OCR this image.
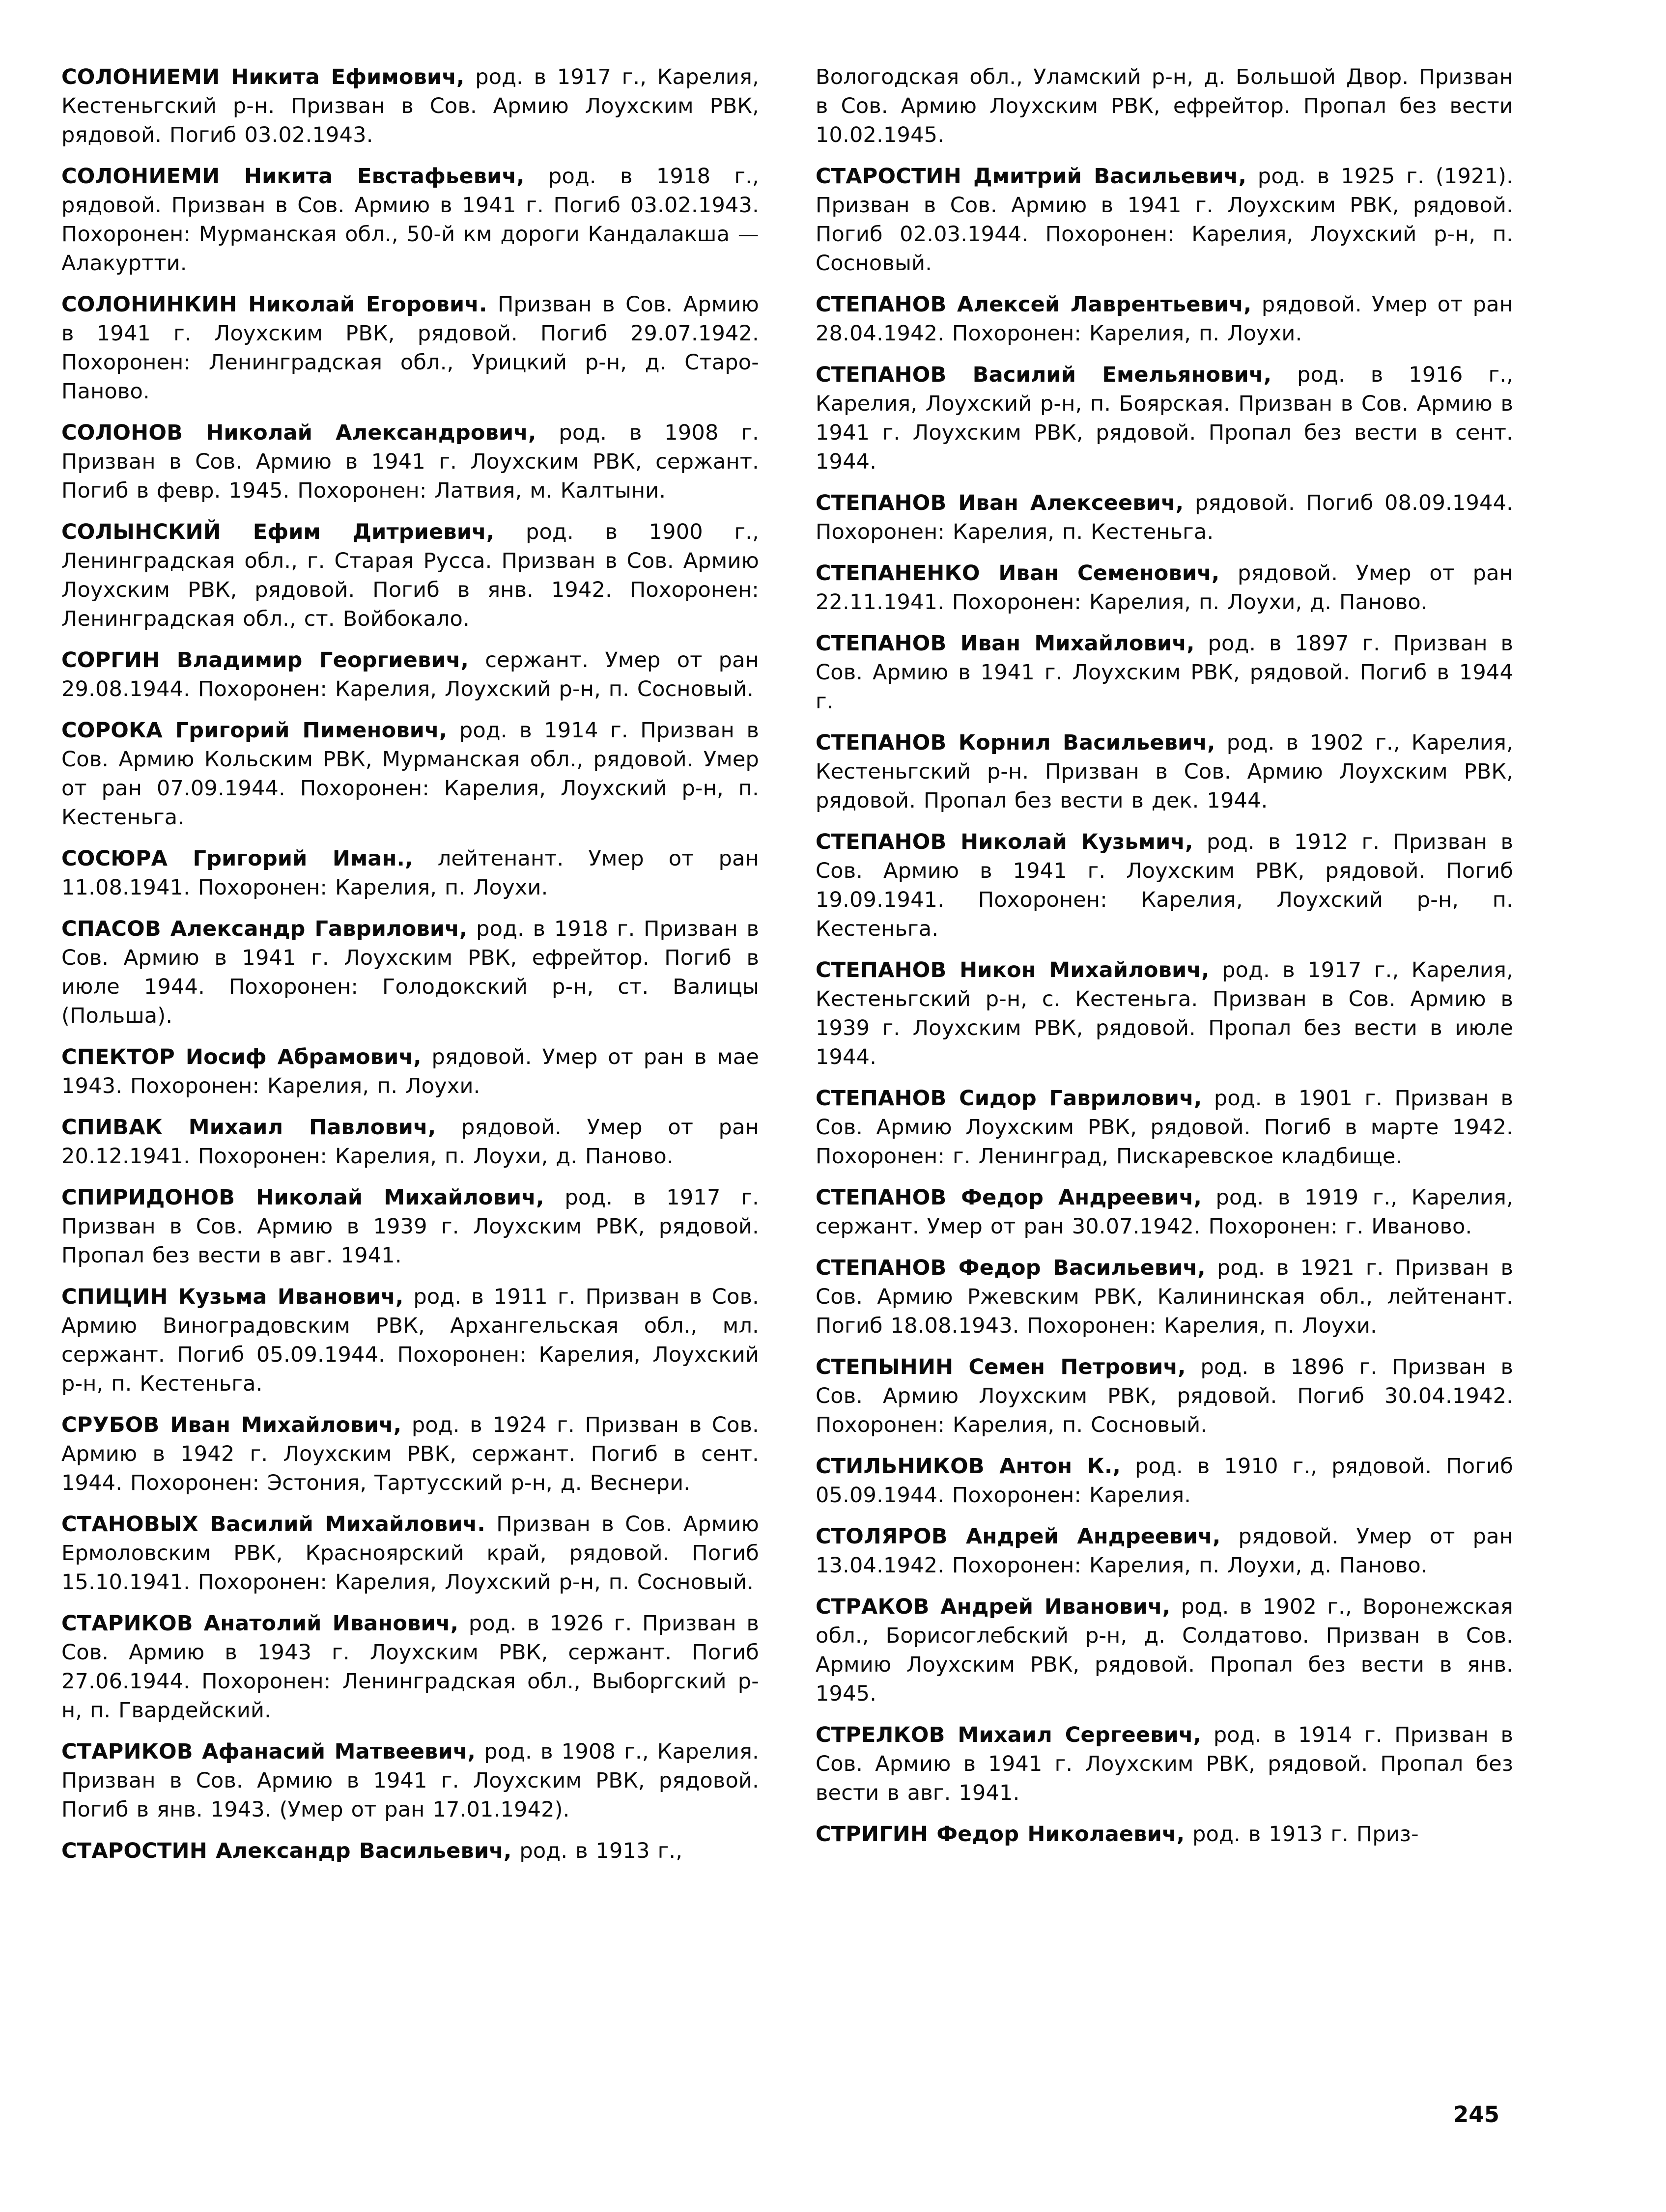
СОЛОНИЕМИ Никита Ефимович, род. в 1917 г., Карелия, Кестеньгский р-н. Призван в Сов. Армию Лоухским РВК, рядовой. Погиб 03.02.1943.

СОЛОНИЕМИ Никита Евстафьевич, род. в 1918 г., рядовой. Призван в Сов. Армию в 1941 г. Погиб 03.02.1943. Похоронен: Мурманская обл., 50-й км дороги Кандалакша — Алакуртти.

СОЛОНИНКИН Николай Егорович. Призван в Сов. Армию в 1941 г. Лоухским РВК, рядовой. Погиб 29.07.1942. Похоронен: Ленинградская обл., Урицкий р-н, д. Старо-Паново.

СОЛОНОВ Николай Александрович, род. в 1908 г. Призван в Сов. Армию в 1941 г. Лоухским РВК, сержант. Погиб в февр. 1945. Похоронен: Латвия, м. Калтыни.

СОЛЫНСКИЙ Ефим Дитриевич, род. в 1900 г., Ленинградская обл., г. Старая Русса. Призван в Сов. Армию Лоухским РВК, рядовой. Погиб в янв. 1942. Похоронен: Ленинградская обл., ст. Войбокало.

СОРГИН Владимир Георгиевич, сержант. Умер от ран 29.08.1944. Похоронен: Карелия, Лоухский р-н, п. Сосновый.

СОРОКА Григорий Пименович, род. в 1914 г. Призван в Сов. Армию Кольским РВК, Мурманская обл., рядовой. Умер от ран 07.09.1944. Похоронен: Карелия, Лоухский р-н, п. Кестеньга.

СОСЮРА Григорий Иман., лейтенант. Умер от ран 11.08.1941. Похоронен: Карелия, п. Лоухи.

СПАСОВ Александр Гаврилович, род. в 1918 г. Призван в Сов. Армию в 1941 г. Лоухским РВК, ефрейтор. Погиб в июле 1944. Похоронен: Голодокский р-н, ст. Валицы (Польша).

СПЕКТОР Иосиф Абрамович, рядовой. Умер от ран в мае 1943. Похоронен: Карелия, п. Лоухи.

СПИВАК Михаил Павлович, рядовой. Умер от ран 20.12.1941. Похоронен: Карелия, п. Лоухи, д. Паново.

СПИРИДОНОВ Николай Михайлович, род. в 1917 г. Призван в Сов. Армию в 1939 г. Лоухским РВК, рядовой. Пропал без вести в авг. 1941.

СПИЦИН Кузьма Иванович, род. в 1911 г. Призван в Сов. Армию Виноградовским РВК, Архангельская обл., мл. сержант. Погиб 05.09.1944. Похоронен: Карелия, Лоухский р-н, п. Кестеньга.

СРУБОВ Иван Михайлович, род. в 1924 г. Призван в Сов. Армию в 1942 г. Лоухским РВК, сержант. Погиб в сент. 1944. Похоронен: Эстония, Тартусский р-н, д. Веснери.

СТАНОВЫХ Василий Михайлович. Призван в Сов. Армию Ермоловским РВК, Красноярский край, рядовой. Погиб 15.10.1941. Похоронен: Карелия, Лоухский р-н, п. Сосновый.

СТАРИКОВ Анатолий Иванович, род. в 1926 г. Призван в Сов. Армию в 1943 г. Лоухским РВК, сержант. Погиб 27.06.1944. Похоронен: Ленинградская обл., Выборгский р-н, п. Гвардейский.

СТАРИКОВ Афанасий Матвеевич, род. в 1908 г., Карелия. Призван в Сов. Армию в 1941 г. Лоухским РВК, рядовой. Погиб в янв. 1943. (Умер от ран 17.01.1942).

СТАРОСТИН Александр Васильевич, род. в 1913 г.,

Вологодская обл., Уламский р-н, д. Большой Двор. Призван в Сов. Армию Лоухским РВК, ефрейтор. Пропал без вести 10.02.1945.

СТАРОСТИН Дмитрий Васильевич, род. в 1925 г. (1921). Призван в Сов. Армию в 1941 г. Лоухским РВК, рядовой. Погиб 02.03.1944. Похоронен: Карелия, Лоухский р-н, п. Сосновый.

СТЕПАНОВ Алексей Лаврентьевич, рядовой. Умер от ран 28.04.1942. Похоронен: Карелия, п. Лоухи.

СТЕПАНОВ Василий Емельянович, род. в 1916 г., Карелия, Лоухский р-н, п. Боярская. Призван в Сов. Армию в 1941 г. Лоухским РВК, рядовой. Пропал без вести в сент. 1944.

СТЕПАНОВ Иван Алексеевич, рядовой. Погиб 08.09.1944. Похоронен: Карелия, п. Кестеньга.

СТЕПАНЕНКО Иван Семенович, рядовой. Умер от ран 22.11.1941. Похоронен: Карелия, п. Лоухи, д. Паново.

СТЕПАНОВ Иван Михайлович, род. в 1897 г. Призван в Сов. Армию в 1941 г. Лоухским РВК, рядовой. Погиб в 1944 г.

СТЕПАНОВ Корнил Васильевич, род. в 1902 г., Карелия, Кестеньгский р-н. Призван в Сов. Армию Лоухским РВК, рядовой. Пропал без вести в дек. 1944.

СТЕПАНОВ Николай Кузьмич, род. в 1912 г. Призван в Сов. Армию в 1941 г. Лоухским РВК, рядовой. Погиб 19.09.1941. Похоронен: Карелия, Лоухский р-н, п. Кестеньга.

СТЕПАНОВ Никон Михайлович, род. в 1917 г., Карелия, Кестеньгский р-н, с. Кестеньга. Призван в Сов. Армию в 1939 г. Лоухским РВК, рядовой. Пропал без вести в июле 1944.

СТЕПАНОВ Сидор Гаврилович, род. в 1901 г. Призван в Сов. Армию Лоухским РВК, рядовой. Погиб в марте 1942. Похоронен: г. Ленинград, Пискаревское кладбище.

СТЕПАНОВ Федор Андреевич, род. в 1919 г., Карелия, сержант. Умер от ран 30.07.1942. Похоронен: г. Иваново.

СТЕПАНОВ Федор Васильевич, род. в 1921 г. Призван в Сов. Армию Ржевским РВК, Калининская обл., лейтенант. Погиб 18.08.1943. Похоронен: Карелия, п. Лоухи.

СТЕПЫНИН Семен Петрович, род. в 1896 г. Призван в Сов. Армию Лоухским РВК, рядовой. Погиб 30.04.1942. Похоронен: Карелия, п. Сосновый.

СТИЛЬНИКОВ Антон К., род. в 1910 г., рядовой. Погиб 05.09.1944. Похоронен: Карелия.

СТОЛЯРОВ Андрей Андреевич, рядовой. Умер от ран 13.04.1942. Похоронен: Карелия, п. Лоухи, д. Паново.

СТРАКОВ Андрей Иванович, род. в 1902 г., Воронежская обл., Борисоглебский р-н, д. Солдатово. Призван в Сов. Армию Лоухским РВК, рядовой. Пропал без вести в янв. 1945.

СТРЕЛКОВ Михаил Сергеевич, род. в 1914 г. Призван в Сов. Армию в 1941 г. Лоухским РВК, рядовой. Пропал без вести в авг. 1941.

СТРИГИН Федор Николаевич, род. в 1913 г. Приз-

245
